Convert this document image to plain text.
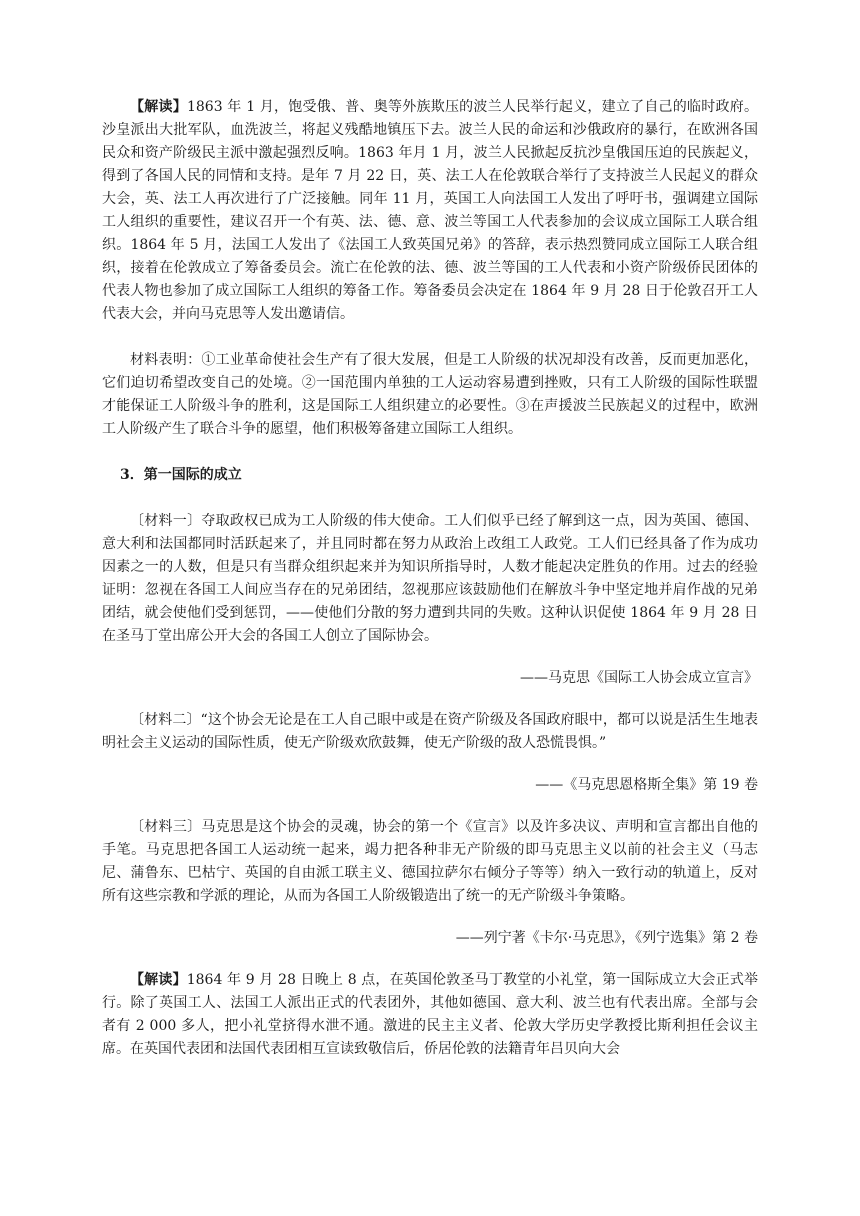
【解读】1863 年 1 月，饱受俄、普、奥等外族欺压的波兰人民举行起义，建立了自己的临时政府。沙皇派出大批军队，血洗波兰，将起义残酷地镇压下去。波兰人民的命运和沙俄政府的暴行，在欧洲各国民众和资产阶级民主派中激起强烈反响。1863 年月 1 月，波兰人民掀起反抗沙皇俄国压迫的民族起义，得到了各国人民的同情和支持。是年 7 月 22 日，英、法工人在伦敦联合举行了支持波兰人民起义的群众大会，英、法工人再次进行了广泛接触。同年 11 月，英国工人向法国工人发出了呼吁书，强调建立国际工人组织的重要性，建议召开一个有英、法、德、意、波兰等国工人代表参加的会议成立国际工人联合组织。1864 年 5 月，法国工人发出了《法国工人致英国兄弟》的答辞，表示热烈赞同成立国际工人联合组织，接着在伦敦成立了筹备委员会。流亡在伦敦的法、德、波兰等国的工人代表和小资产阶级侨民团体的代表人物也参加了成立国际工人组织的筹备工作。筹备委员会决定在 1864 年 9 月 28 日于伦敦召开工人代表大会，并向马克思等人发出邀请信。

材料表明：①工业革命使社会生产有了很大发展，但是工人阶级的状况却没有改善，反而更加恶化，它们迫切希望改变自己的处境。②一国范围内单独的工人运动容易遭到挫败，只有工人阶级的国际性联盟才能保证工人阶级斗争的胜利，这是国际工人组织建立的必要性。③在声援波兰民族起义的过程中，欧洲工人阶级产生了联合斗争的愿望，他们积极筹备建立国际工人组织。

3．第一国际的成立

〔材料一〕夺取政权已成为工人阶级的伟大使命。工人们似乎已经了解到这一点，因为英国、德国、意大利和法国都同时活跃起来了，并且同时都在努力从政治上改组工人政党。工人们已经具备了作为成功因素之一的人数，但是只有当群众组织起来并为知识所指导时，人数才能起决定胜负的作用。过去的经验证明：忽视在各国工人间应当存在的兄弟团结，忽视那应该鼓励他们在解放斗争中坚定地并肩作战的兄弟团结，就会使他们受到惩罚，——使他们分散的努力遭到共同的失败。这种认识促使 1864 年 9 月 28 日在圣马丁堂出席公开大会的各国工人创立了国际协会。

——马克思《国际工人协会成立宣言》

〔材料二〕“这个协会无论是在工人自己眼中或是在资产阶级及各国政府眼中，都可以说是活生生地表明社会主义运动的国际性质，使无产阶级欢欣鼓舞，使无产阶级的敌人恐慌畏惧。”

——《马克思恩格斯全集》第 19 卷

〔材料三〕马克思是这个协会的灵魂，协会的第一个《宣言》以及许多决议、声明和宣言都出自他的手笔。马克思把各国工人运动统一起来，竭力把各种非无产阶级的即马克思主义以前的社会主义（马志尼、蒲鲁东、巴枯宁、英国的自由派工联主义、德国拉萨尔右倾分子等等）纳入一致行动的轨道上，反对所有这些宗教和学派的理论，从而为各国工人阶级锻造出了统一的无产阶级斗争策略。

——列宁著《卡尔·马克思》，《列宁选集》第 2 卷

【解读】1864 年 9 月 28 日晚上 8 点，在英国伦敦圣马丁教堂的小礼堂，第一国际成立大会正式举行。除了英国工人、法国工人派出正式的代表团外，其他如德国、意大利、波兰也有代表出席。全部与会者有 2 000 多人，把小礼堂挤得水泄不通。激进的民主主义者、伦敦大学历史学教授比斯利担任会议主席。在英国代表团和法国代表团相互宣读致敬信后，侨居伦敦的法籍青年吕贝向大会
